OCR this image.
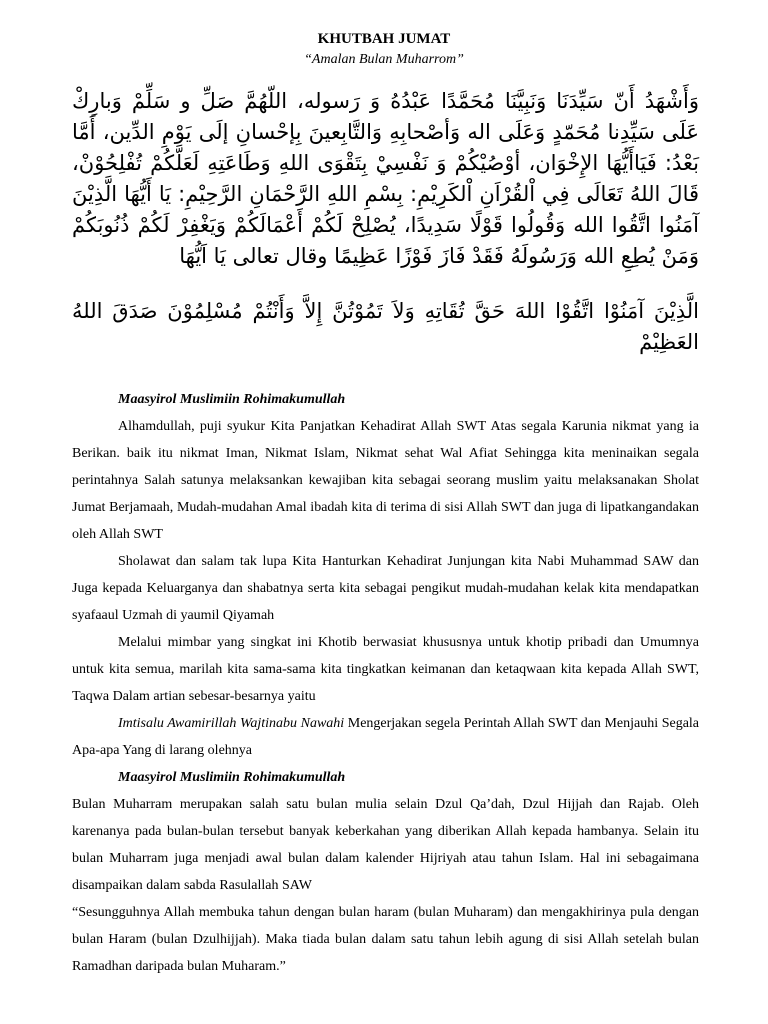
KHUTBAH JUMAT
“Amalan Bulan Muharrom”

وَأَشْهَدُ أَنّ سَيِّدَنَا وَنَبِيَّنَا مُحَمَّدًا عَبْدُهُ وَ رَسوله، اللّهُمَّ صَلِّ و سَلِّمْ وَبارِكْ عَلَى سَيِّدِنا مُحَمّدٍ وَعَلَى اله وَأصْحابِهِ وَالتَّابِعينَ بِإحْسانِ إلَى يَوْمِ الدِّين، أَمَّا بَعْدُ: فَيَاأَيُّهَا الإِخْوَان، أوْصُيْكُمْ وَ نَفْسِيْ بِتَقْوَى اللهِ وَطَاعَتِهِ لَعَلَّكُمْ تُفْلِحُوْنْ، قَالَ اللهُ تَعَالَى فِي اْلقُرْاَنِ اْلكَرِيْمِ: بِسْمِ اللهِ الرَّحْمَانِ الرَّحِيْمِ: يَا أَيُّهَا الَّذِيْنَ آمَنُوا اتَّقُوا الله وَقُولُوا قَوْلًا سَدِيدًا، يُصْلِحْ لَكُمْ أَعْمَالَكُمْ وَيَغْفِرْ لَكُمْ ذُنُوبَكُمْ وَمَنْ يُطِعِ الله وَرَسُولَهُ فَقَدْ فَازَ فَوْزًا عَظِيمًا وقال تعالى يَا اَيُّهَا

الَّذِيْنَ آمَنُوْا اتَّقُوْا اللهَ حَقَّ تُقَاتِهِ وَلاَ تَمُوْتُنَّ إِلاَّ وَأَنْتُمْ مُسْلِمُوْنَ صَدَقَ اللهُ العَظِيْمْ

Maasyirol Muslimiin Rohimakumullah

Alhamdullah, puji syukur Kita Panjatkan Kehadirat Allah SWT Atas segala Karunia nikmat yang ia Berikan. baik itu nikmat Iman, Nikmat Islam, Nikmat sehat Wal Afiat Sehingga kita meninaikan segala perintahnya Salah satunya melaksankan kewajiban kita sebagai seorang muslim yaitu melaksanakan Sholat Jumat Berjamaah, Mudah-mudahan Amal ibadah kita di terima di sisi Allah SWT dan juga di lipatkangandakan oleh Allah SWT

Sholawat dan salam tak lupa Kita Hanturkan Kehadirat Junjungan kita Nabi Muhammad SAW dan Juga kepada Keluarganya dan shabatnya serta kita sebagai pengikut mudah-mudahan kelak kita mendapatkan syafaaul Uzmah di yaumil Qiyamah

Melalui mimbar yang singkat ini Khotib berwasiat khususnya untuk khotip pribadi dan Umumnya untuk kita semua, marilah kita sama-sama kita tingkatkan keimanan dan ketaqwaan kita kepada Allah SWT, Taqwa Dalam artian sebesar-besarnya yaitu

Imtisalu Awamirillah Wajtinabu Nawahi Mengerjakan segela Perintah Allah SWT dan Menjauhi Segala Apa-apa Yang di larang olehnya

Maasyirol Muslimiin Rohimakumullah

Bulan Muharram merupakan salah satu bulan mulia selain Dzul Qa’dah, Dzul Hijjah dan Rajab. Oleh karenanya pada bulan-bulan tersebut banyak keberkahan yang diberikan Allah kepada hambanya. Selain itu bulan Muharram juga menjadi awal bulan dalam kalender Hijriyah atau tahun Islam. Hal ini sebagaimana disampaikan dalam sabda Rasulallah SAW

“Sesungguhnya Allah membuka tahun dengan bulan haram (bulan Muharam) dan mengakhirinya pula dengan bulan Haram (bulan Dzulhijjah). Maka tiada bulan dalam satu tahun lebih agung di sisi Allah setelah bulan Ramadhan daripada bulan Muharam.”
